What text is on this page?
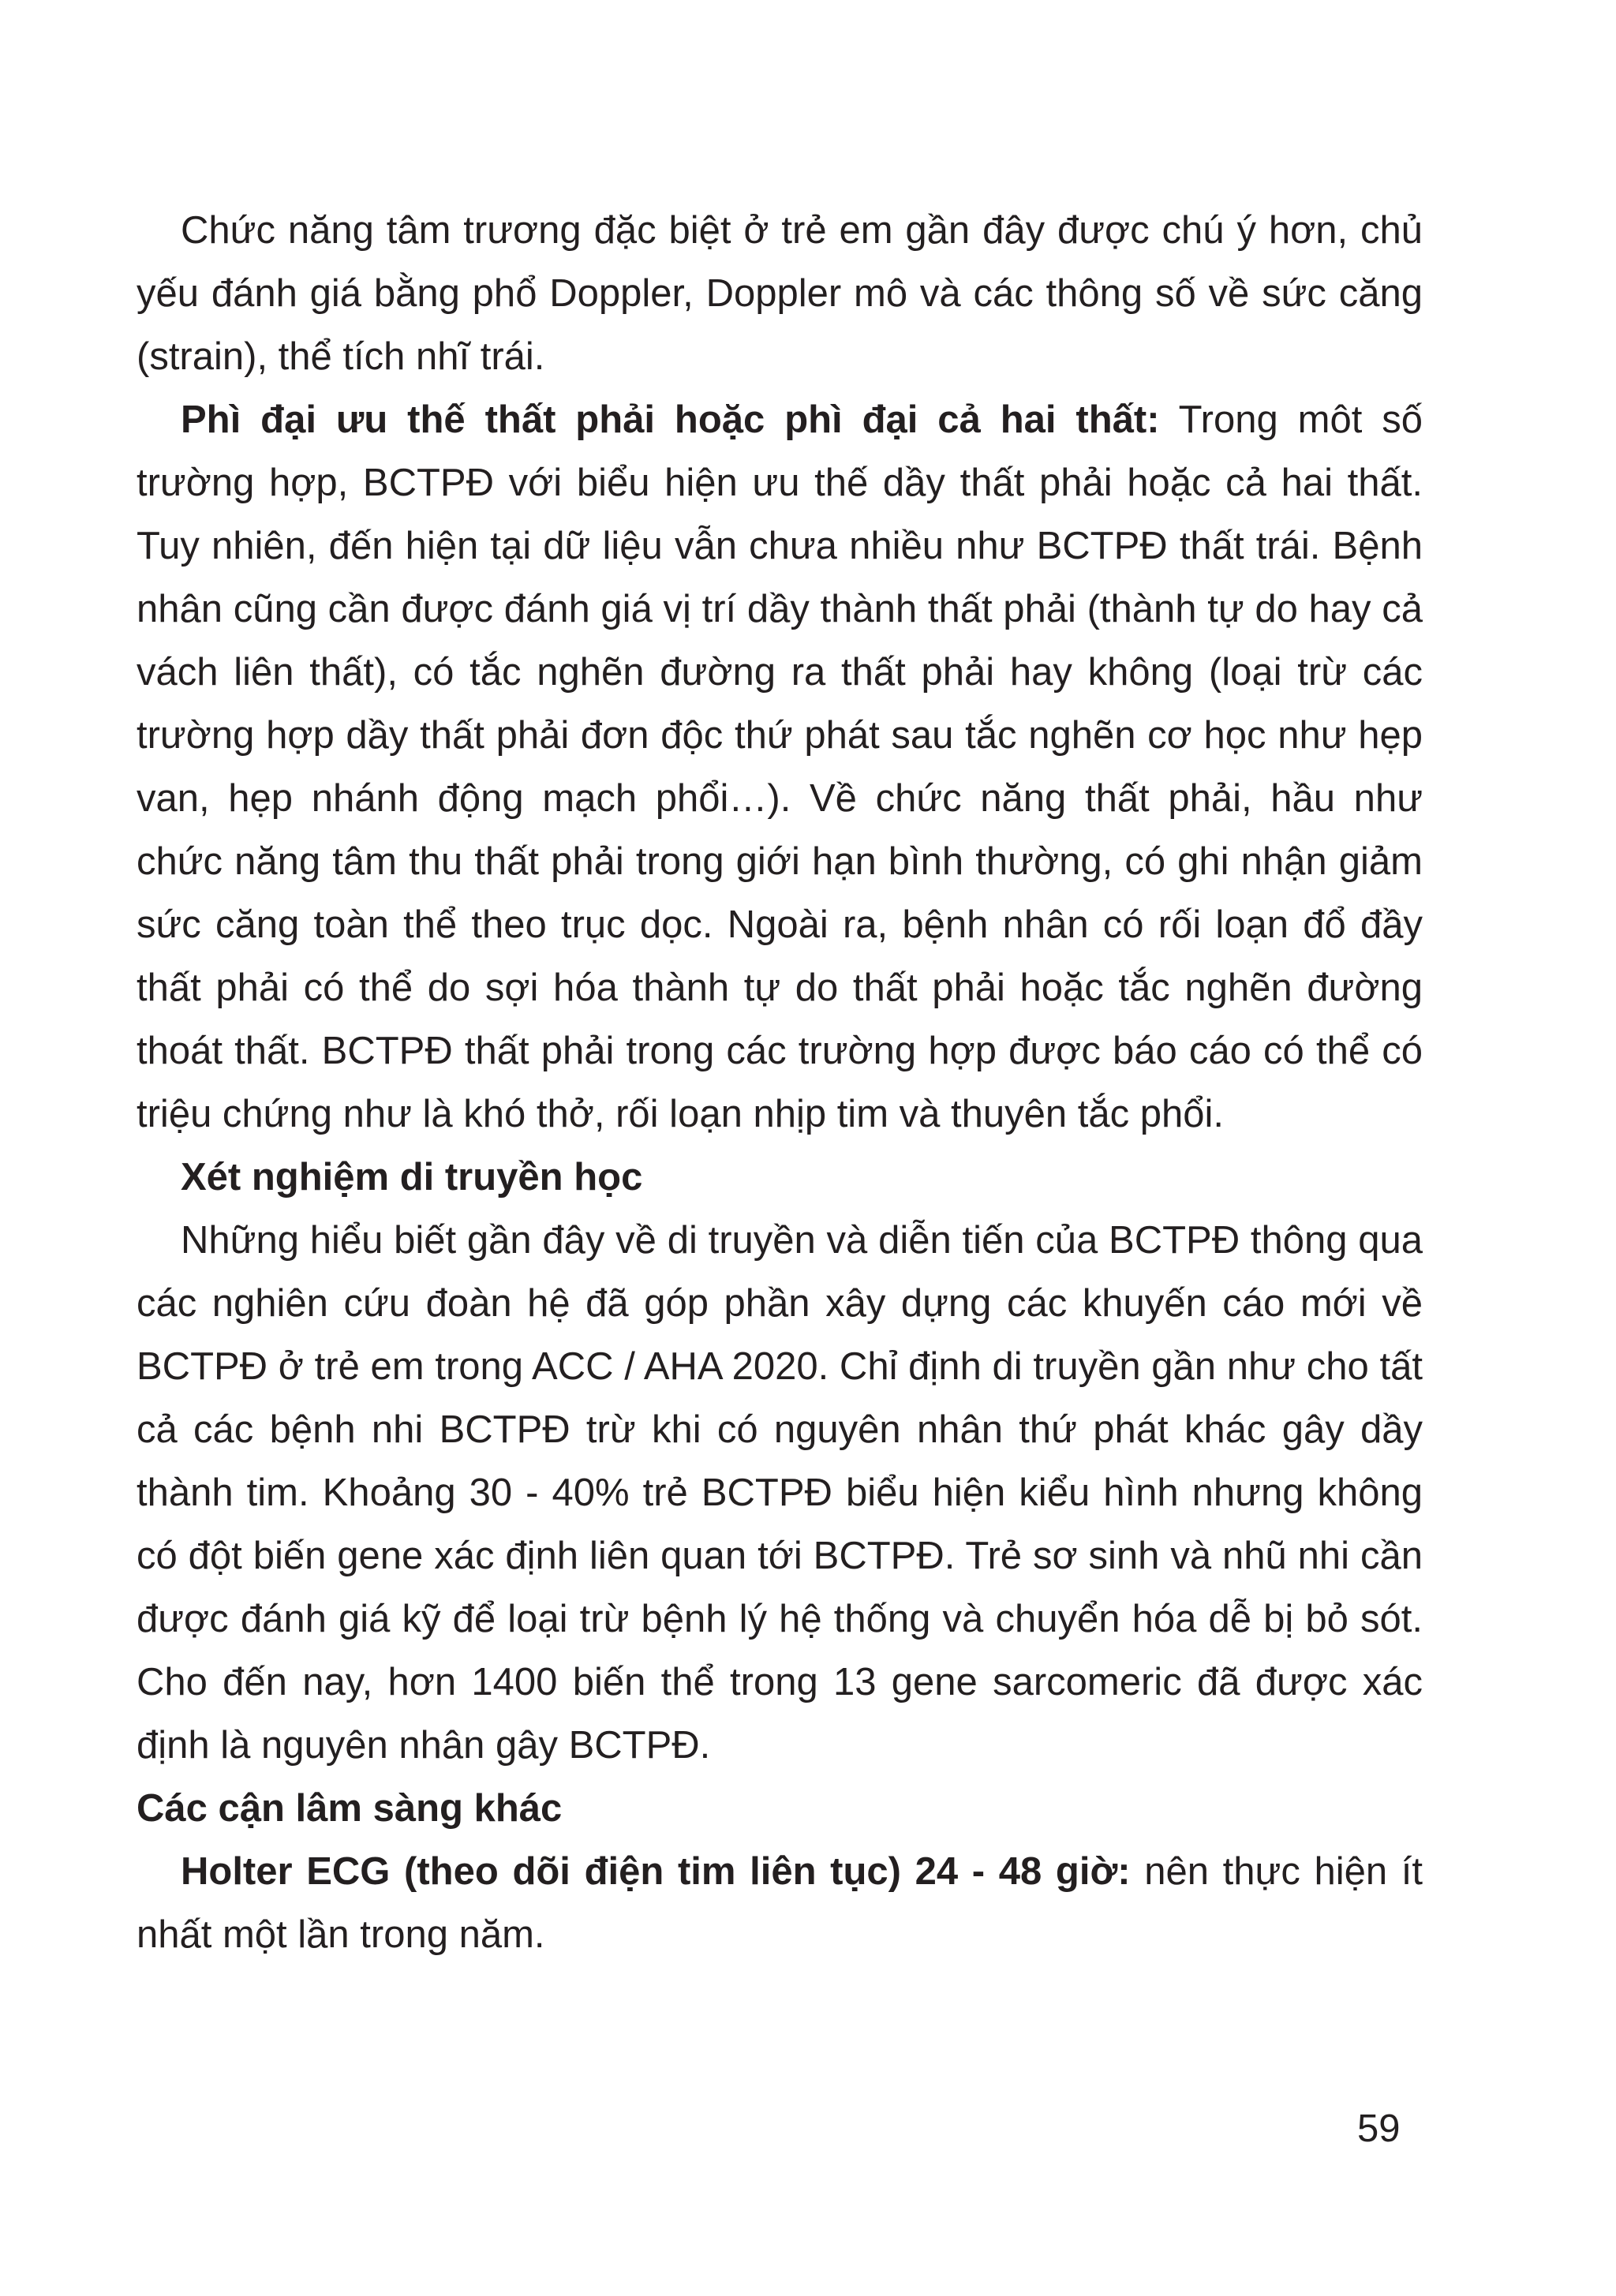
Chức năng tâm trương đặc biệt ở trẻ em gần đây được chú ý hơn, chủ yếu đánh giá bằng phổ Doppler, Doppler mô và các thông số về sức căng (strain), thể tích nhĩ trái.

Phì đại ưu thế thất phải hoặc phì đại cả hai thất: Trong môt số trường hợp, BCTPĐ với biểu hiện ưu thế dầy thất phải hoặc cả hai thất. Tuy nhiên, đến hiện tại dữ liệu vẫn chưa nhiều như BCTPĐ thất trái. Bệnh nhân cũng cần được đánh giá vị trí dầy thành thất phải (thành tự do hay cả vách liên thất), có tắc nghẽn đường ra thất phải hay không (loại trừ các trường hợp dầy thất phải đơn độc thứ phát sau tắc nghẽn cơ học như hẹp van, hẹp nhánh động mạch phổi…). Về chức năng thất phải, hầu như chức năng tâm thu thất phải trong giới hạn bình thường, có ghi nhận giảm sức căng toàn thể theo trục dọc. Ngoài ra, bệnh nhân có rối loạn đổ đầy thất phải có thể do sợi hóa thành tự do thất phải hoặc tắc nghẽn đường thoát thất. BCTPĐ thất phải trong các trường hợp được báo cáo có thể có triệu chứng như là khó thở, rối loạn nhịp tim và thuyên tắc phổi.

Xét nghiệm di truyền học

Những hiểu biết gần đây về di truyền và diễn tiến của BCTPĐ thông qua các nghiên cứu đoàn hệ đã góp phần xây dựng các khuyến cáo mới về BCTPĐ ở trẻ em trong ACC / AHA 2020. Chỉ định di truyền gần như cho tất cả các bệnh nhi BCTPĐ trừ khi có nguyên nhân thứ phát khác gây dầy thành tim. Khoảng 30 - 40% trẻ BCTPĐ biểu hiện kiểu hình nhưng không có đột biến gene xác định liên quan tới BCTPĐ. Trẻ sơ sinh và nhũ nhi cần được đánh giá kỹ để loại trừ bệnh lý hệ thống và chuyển hóa dễ bị bỏ sót. Cho đến nay, hơn 1400 biến thể trong 13 gene sarcomeric đã được xác định là nguyên nhân gây BCTPĐ.

Các cận lâm sàng khác

Holter ECG (theo dõi điện tim liên tục) 24 - 48 giờ: nên thực hiện ít nhất một lần trong năm.

59
